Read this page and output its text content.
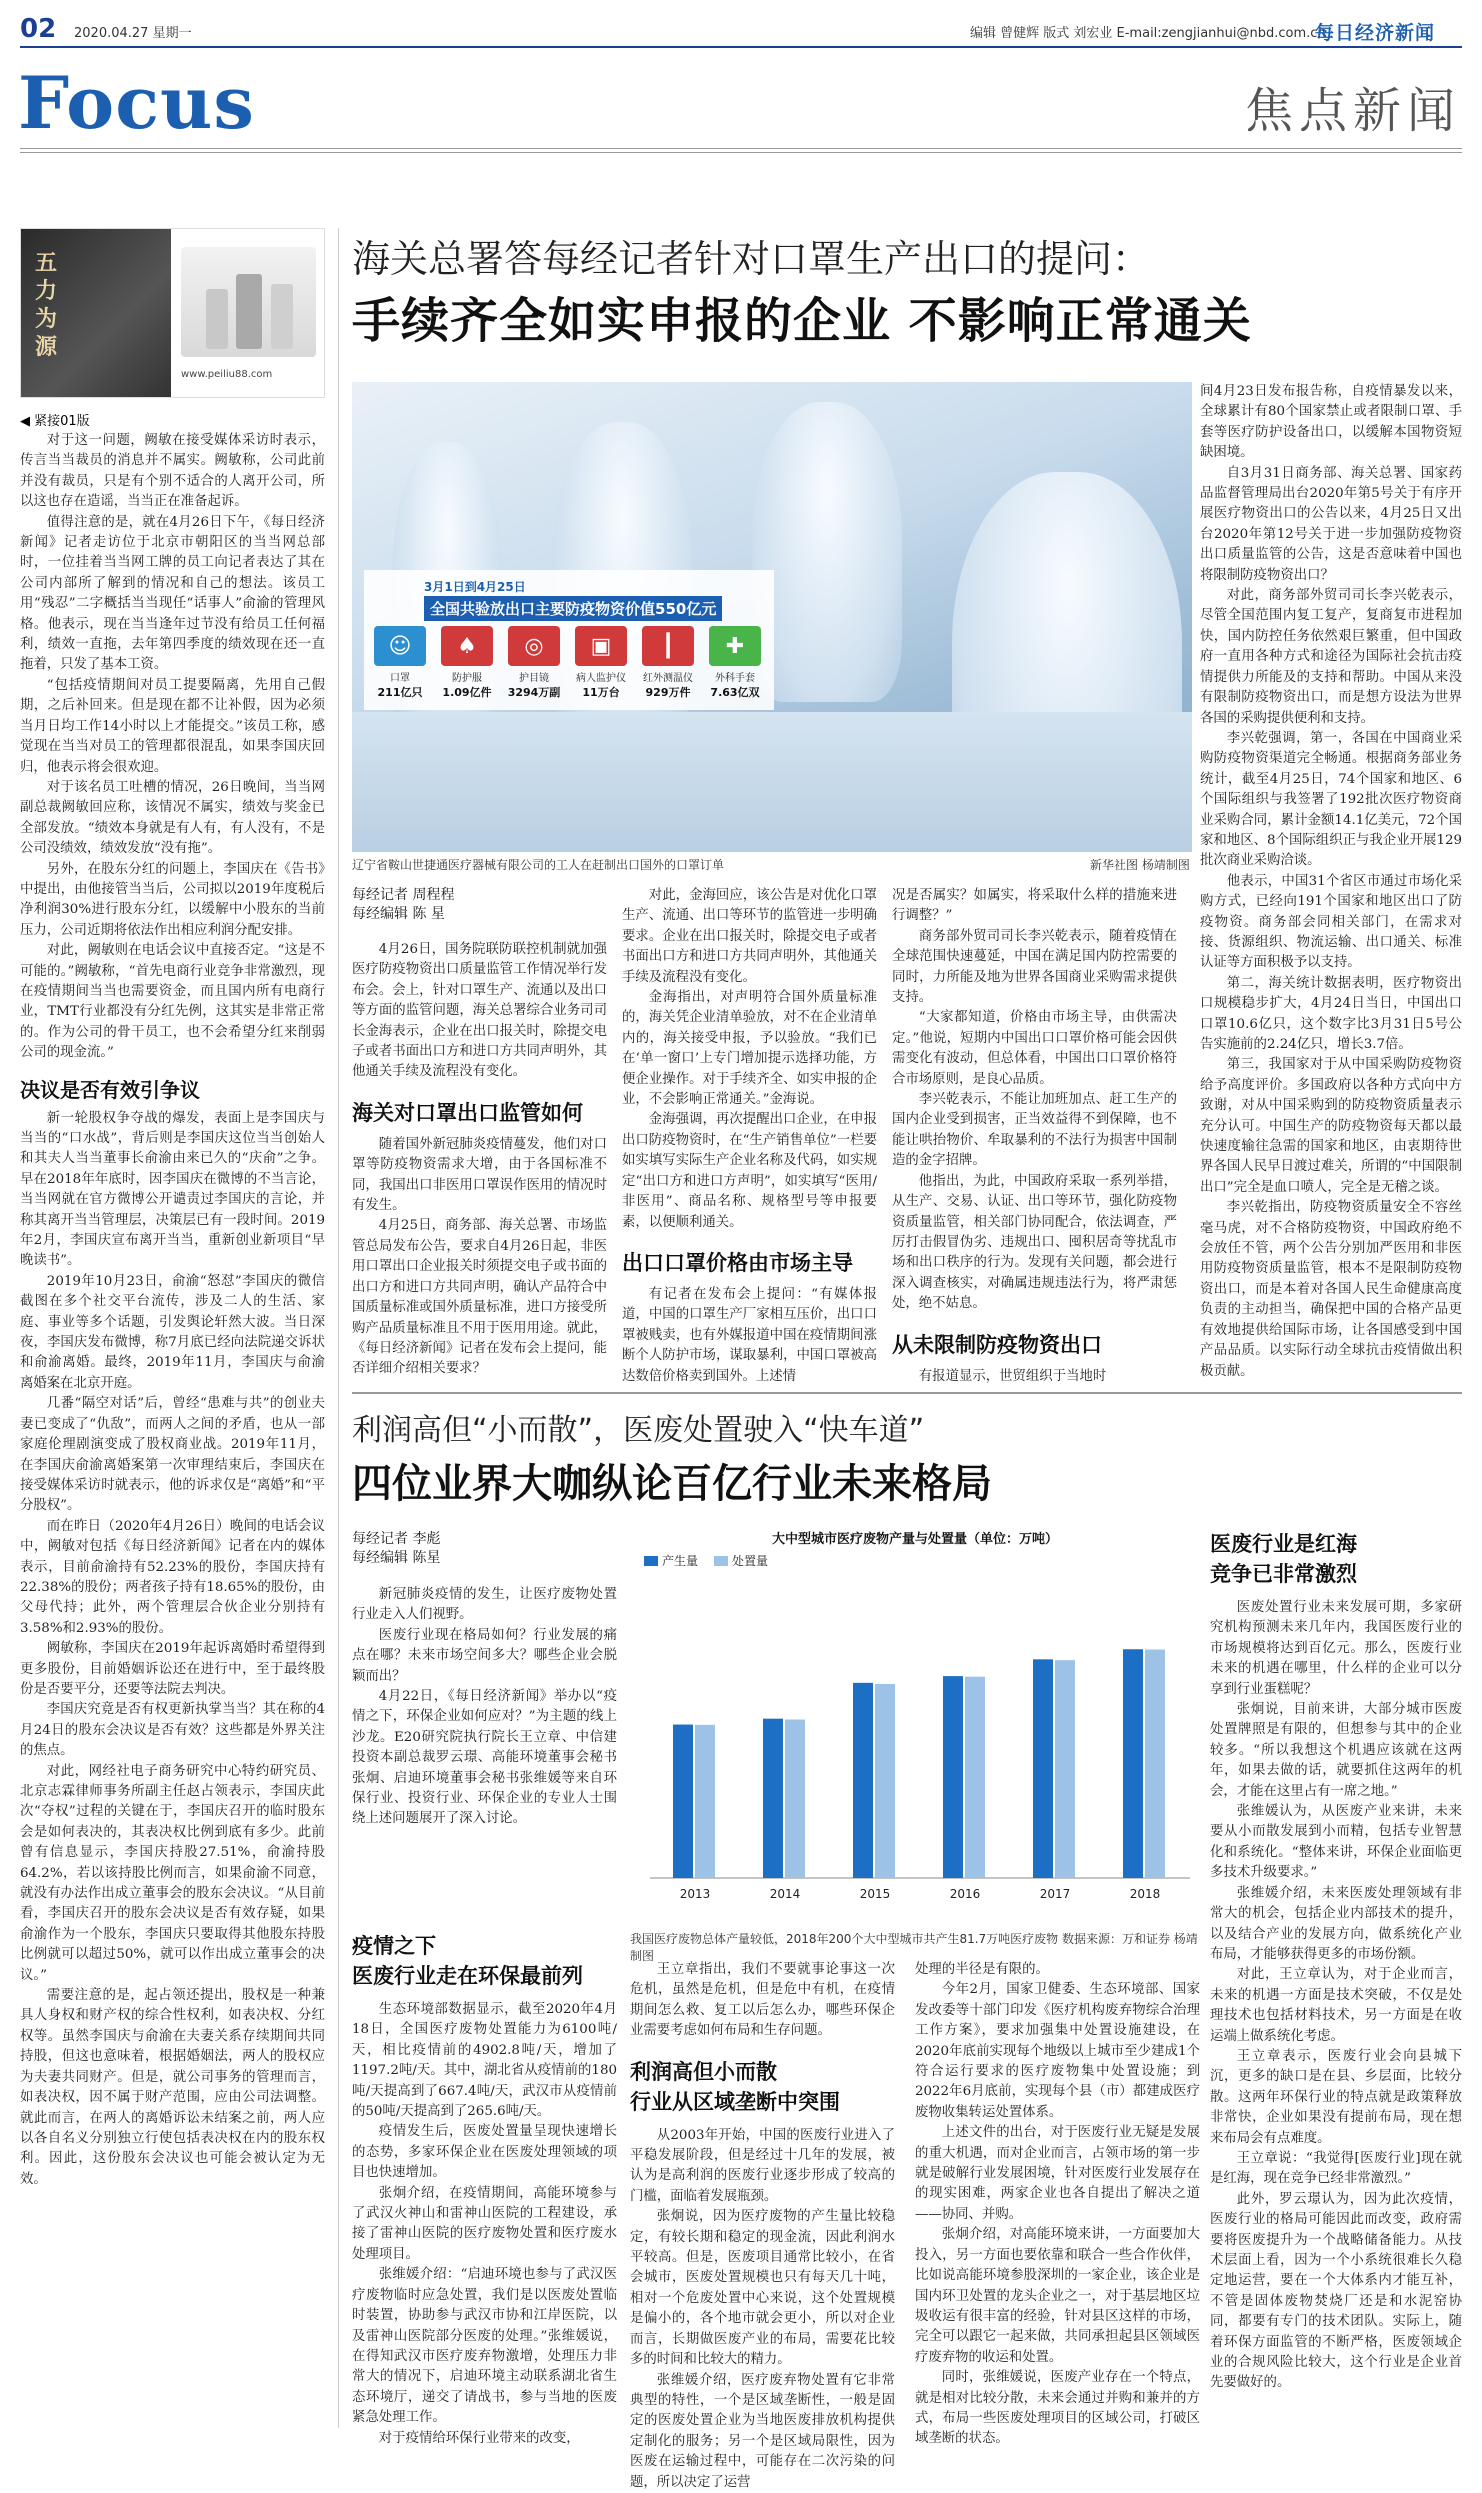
02 2020.04.27 星期一	编辑 曾健辉 版式 刘宏业 E-mail:zengjianhui@nbd.com.cn
每日经济新闻
Focus	焦点新闻
五力为源
www.peiliu88.com
◀ 紧接01版

对于这一问题，阙敏在接受媒体采访时表示，传言当当裁员的消息并不属实。阙敏称，公司此前并没有裁员，只是有个别不适合的人离开公司，所以这也存在造谣，当当正在准备起诉。

值得注意的是，就在4月26日下午，《每日经济新闻》记者走访位于北京市朝阳区的当当网总部时，一位挂着当当网工牌的员工向记者表达了其在公司内部所了解到的情况和自己的想法。该员工用“残忍”二字概括当当现任“话事人”俞渝的管理风格。他表示，现在当当逢年过节没有给员工任何福利，绩效一直拖，去年第四季度的绩效现在还一直拖着，只发了基本工资。

“包括疫情期间对员工提要隔离，先用自己假期，之后补回来。但是现在都不让补假，因为必须当月日均工作14小时以上才能提交。”该员工称，感觉现在当当对员工的管理都很混乱，如果李国庆回归，他表示将会很欢迎。

对于该名员工吐槽的情况，26日晚间，当当网副总裁阙敏回应称，该情况不属实，绩效与奖金已全部发放。“绩效本身就是有人有，有人没有，不是公司没绩效，绩效发放“没有拖”。

另外，在股东分红的问题上，李国庆在《告书》中提出，由他接管当当后，公司拟以2019年度税后净利润30%进行股东分红，以缓解中小股东的当前压力，公司近期将依法作出相应利润分配安排。

对此，阙敏则在电话会议中直接否定。“这是不可能的。”阙敏称，“首先电商行业竞争非常激烈，现在疫情期间当当也需要资金，而且国内所有电商行业，TMT行业都没有分红先例，这其实是非常正常的。作为公司的骨干员工，也不会希望分红来削弱公司的现金流。”

决议是否有效引争议

新一轮股权争夺战的爆发，表面上是李国庆与当当的“口水战”，背后则是李国庆这位当当创始人和其夫人当当董事长俞渝由来已久的“庆俞”之争。早在2018年年底时，因李国庆在微博的不当言论，当当网就在官方微博公开谴责过李国庆的言论，并称其离开当当管理层，决策层已有一段时间。2019年2月，李国庆宣布离开当当，重新创业新项目“早晚读书”。

2019年10月23日，俞渝“怒怼”李国庆的微信截图在多个社交平台流传，涉及二人的生活、家庭、事业等多个话题，引发舆论轩然大波。当日深夜，李国庆发布微博，称7月底已经向法院递交诉状和俞渝离婚。最终，2019年11月，李国庆与俞渝离婚案在北京开庭。

几番“隔空对话”后，曾经“患难与共”的创业夫妻已变成了“仇敌”，而两人之间的矛盾，也从一部家庭伦理剧演变成了股权商业战。2019年11月，在李国庆俞渝离婚案第一次审理结束后，李国庆在接受媒体采访时就表示，他的诉求仅是“离婚”和“平分股权”。

而在昨日（2020年4月26日）晚间的电话会议中，阙敏对包括《每日经济新闻》记者在内的媒体表示，目前俞渝持有52.23%的股份，李国庆持有22.38%的股份；两者孩子持有18.65%的股份，由父母代持；此外，两个管理层合伙企业分别持有3.58%和2.93%的股份。

阙敏称，李国庆在2019年起诉离婚时希望得到更多股份，目前婚姻诉讼还在进行中，至于最终股份是否要平分，还要等法院去判决。

李国庆究竟是否有权更新执掌当当？其在称的4月24日的股东会决议是否有效？这些都是外界关注的焦点。

对此，网经社电子商务研究中心特约研究员、北京志霖律师事务所副主任赵占领表示，李国庆此次“夺权”过程的关键在于，李国庆召开的临时股东会是如何表决的，其表决权比例到底有多少。此前曾有信息显示，李国庆持股27.51%，俞渝持股64.2%，若以该持股比例而言，如果俞渝不同意，就没有办法作出成立董事会的股东会决议。“从目前看，李国庆召开的股东会决议是否有效存疑，如果俞渝作为一个股东，李国庆只要取得其他股东持股比例就可以超过50%，就可以作出成立董事会的决议。”

需要注意的是，起占领还提出，股权是一种兼具人身权和财产权的综合性权利，如表决权、分红权等。虽然李国庆与俞渝在夫妻关系存续期间共同持股，但这也意味着，根据婚姻法，两人的股权应为夫妻共同财产。但是，就公司事务的管理而言，如表决权，因不属于财产范围，应由公司法调整。就此而言，在两人的离婚诉讼未结案之前，两人应以各自名义分别独立行使包括表决权在内的股东权利。因此，这份股东会决议也可能会被认定为无效。

海关总署答每经记者针对口罩生产出口的提问：
手续齐全如实申报的企业 不影响正常通关
3月1日到4月25日
全国共验放出口主要防疫物资价值550亿元
☺
口罩
211亿只
♠
防护服
1.09亿件
◎
护目镜
3294万副
▣
病人监护仪
11万台
┃
红外测温仪
929万件
✚
外科手套
7.63亿双
辽宁省鞍山世捷通医疗器械有限公司的工人在赶制出口国外的口罩订单	新华社图 杨靖制图
每经记者 周程程
每经编辑 陈 星

4月26日，国务院联防联控机制就加强医疗防疫物资出口质量监管工作情况举行发布会。会上，针对口罩生产、流通以及出口等方面的监管问题，海关总署综合业务司司长金海表示，企业在出口报关时，除提交电子或者书面出口方和进口方共同声明外，其他通关手续及流程没有变化。

海关对口罩出口监管如何

随着国外新冠肺炎疫情蔓发，他们对口罩等防疫物资需求大增，由于各国标准不同，我国出口非医用口罩误作医用的情况时有发生。

4月25日，商务部、海关总署、市场监管总局发布公告，要求自4月26日起，非医用口罩出口企业报关时须提交电子或书面的出口方和进口方共同声明，确认产品符合中国质量标准或国外质量标准，进口方接受所购产品质量标准且不用于医用用途。就此，《每日经济新闻》记者在发布会上提问，能否详细介绍相关要求？

对此，金海回应，该公告是对优化口罩生产、流通、出口等环节的监管进一步明确要求。企业在出口报关时，除提交电子或者书面出口方和进口方共同声明外，其他通关手续及流程没有变化。

金海指出，对声明符合国外质量标准的，海关凭企业清单验放，对不在企业清单内的，海关接受申报，予以验放。“我们已在‘单一窗口’上专门增加提示选择功能，方便企业操作。对于手续齐全、如实申报的企业，不会影响正常通关。”金海说。

金海强调，再次提醒出口企业，在申报出口防疫物资时，在“生产销售单位”一栏要如实填写实际生产企业名称及代码，如实规定“出口方和进口方声明”，如实填写“医用/非医用”、商品名称、规格型号等申报要素，以便顺利通关。

出口口罩价格由市场主导

有记者在发布会上提问：“有媒体报道，中国的口罩生产厂家相互压价，出口口罩被贱卖，也有外媒报道中国在疫情期间涨断个人防护市场，谋取暴利，中国口罩被高达数倍价格卖到国外。上述情

况是否属实？如属实，将采取什么样的措施来进行调整？”

商务部外贸司司长李兴乾表示，随着疫情在全球范围快速蔓延，中国在满足国内防控需要的同时，力所能及地为世界各国商业采购需求提供支持。

“大家都知道，价格由市场主导，由供需决定。”他说，短期内中国出口口罩价格可能会因供需变化有波动，但总体看，中国出口口罩价格符合市场原则，是良心品质。

李兴乾表示，不能让加班加点、赶工生产的国内企业受到损害，正当效益得不到保障，也不能让哄抬物价、牟取暴利的不法行为损害中国制造的金字招牌。

他指出，为此，中国政府采取一系列举措，从生产、交易、认证、出口等环节，强化防疫物资质量监管，相关部门协同配合，依法调查，严厉打击假冒伪劣、违规出口、囤积居奇等扰乱市场和出口秩序的行为。发现有关问题，都会进行深入调查核实，对确属违规违法行为，将严肃惩处，绝不姑息。

从未限制防疫物资出口

有报道显示，世贸组织于当地时

间4月23日发布报告称，自疫情暴发以来，全球累计有80个国家禁止或者限制口罩、手套等医疗防护设备出口，以缓解本国物资短缺困境。

自3月31日商务部、海关总署、国家药品监督管理局出台2020年第5号关于有序开展医疗物资出口的公告以来，4月25日又出台2020年第12号关于进一步加强防疫物资出口质量监管的公告，这是否意味着中国也将限制防疫物资出口？

对此，商务部外贸司司长李兴乾表示，尽管全国范围内复工复产，复商复市进程加快，国内防控任务依然艰巨繁重，但中国政府一直用各种方式和途径为国际社会抗击疫情提供力所能及的支持和帮助。中国从来没有限制防疫物资出口，而是想方设法为世界各国的采购提供便利和支持。

李兴乾强调，第一，各国在中国商业采购防疫物资渠道完全畅通。根据商务部业务统计，截至4月25日，74个国家和地区、6个国际组织与我签署了192批次医疗物资商业采购合同，累计金额14.1亿美元，72个国家和地区、8个国际组织正与我企业开展129批次商业采购洽谈。

他表示，中国31个省区市通过市场化采购方式，已经向191个国家和地区出口了防疫物资。商务部会同相关部门，在需求对接、货源组织、物流运输、出口通关、标准认证等方面积极予以支持。

第二，海关统计数据表明，医疗物资出口规模稳步扩大，4月24日当日，中国出口口罩10.6亿只，这个数字比3月31日5号公告实施前的2.24亿只，增长3.7倍。

第三，我国家对于从中国采购防疫物资给予高度评价。多国政府以各种方式向中方致谢，对从中国采购到的防疫物资质量表示充分认可。中国生产的防疫物资每天都以最快速度输往急需的国家和地区，由衷期待世界各国人民早日渡过难关，所谓的“中国限制出口”完全是血口喷人，完全是无稽之谈。

李兴乾指出，防疫物资质量安全不容丝毫马虎，对不合格防疫物资，中国政府绝不会放任不管，两个公告分别加严医用和非医用防疫物资质量监管，根本不是限制防疫物资出口，而是本着对各国人民生命健康高度负责的主动担当，确保把中国的合格产品更有效地提供给国际市场，让各国感受到中国产品品质。以实际行动全球抗击疫情做出积极贡献。

利润高但“小而散”，医废处置驶入“快车道”
四位业界大咖纵论百亿行业未来格局
每经记者 李彪
每经编辑 陈星
大中型城市医疗废物产量与处置量（单位：万吨）
产生量	处置量
2013	2014	2015	2016	2017	2018
我国医疗废物总体产量较低，2018年200个大中型城市共产生81.7万吨医疗废物 数据来源：万和证券 杨靖制图

新冠肺炎疫情的发生，让医疗废物处置行业走入人们视野。

医废行业现在格局如何？行业发展的痛点在哪？未来市场空间多大？哪些企业会脱颖而出？

4月22日，《每日经济新闻》举办以“疫情之下，环保企业如何应对？”为主题的线上沙龙。E20研究院执行院长王立章、中信建投资本副总裁罗云璟、高能环境董事会秘书张炯、启迪环境董事会秘书张维媛等来自环保行业、投资行业、环保企业的专业人士围绕上述问题展开了深入讨论。

疫情之下
医废行业走在环保最前列

生态环境部数据显示，截至2020年4月18日，全国医疗废物处置能力为6100吨/天，相比疫情前的4902.8吨/天，增加了1197.2吨/天。其中，湖北省从疫情前的180吨/天提高到了667.4吨/天，武汉市从疫情前的50吨/天提高到了265.6吨/天。

疫情发生后，医废处置量呈现快速增长的态势，多家环保企业在医废处理领域的项目也快速增加。

张炯介绍，在疫情期间，高能环境参与了武汉火神山和雷神山医院的工程建设，承接了雷神山医院的医疗废物处置和医疗废水处理项目。

张维媛介绍：“启迪环境也参与了武汉医疗废物临时应急处置，我们是以医废处置临时装置，协助参与武汉市协和江岸医院，以及雷神山医院部分医废的处理。”张维媛说，在得知武汉市医疗废弃物激增，处理压力非常大的情况下，启迪环境主动联系湖北省生态环境厅，递交了请战书，参与当地的医废紧急处理工作。

对于疫情给环保行业带来的改变，

王立章指出，我们不要就事论事这一次危机，虽然是危机，但是危中有机，在疫情期间怎么救、复工以后怎么办，哪些环保企业需要考虑如何布局和生存问题。

利润高但小而散
行业从区域垄断中突围

从2003年开始，中国的医废行业进入了平稳发展阶段，但是经过十几年的发展，被认为是高利润的医废行业逐步形成了较高的门槛，面临着发展瓶颈。

张炯说，因为医疗废物的产生量比较稳定，有较长期和稳定的现金流，因此利润水平较高。但是，医废项目通常比较小，在省会城市，医废处置规模也只有每天几十吨，相对一个危废处置中心来说，这个处置规模是偏小的，各个地市就会更小，所以对企业而言，长期做医废产业的布局，需要花比较多的时间和比较大的精力。

张维媛介绍，医疗废弃物处置有它非常典型的特性，一个是区域垄断性，一般是固定的医废处置企业为当地医废排放机构提供定制化的服务；另一个是区域局限性，因为医废在运输过程中，可能存在二次污染的问题，所以决定了运营

处理的半径是有限的。

今年2月，国家卫健委、生态环境部、国家发改委等十部门印发《医疗机构废弃物综合治理工作方案》，要求加强集中处置设施建设，在2020年底前实现每个地级以上城市至少建成1个符合运行要求的医疗废物集中处置设施；到2022年6月底前，实现每个县（市）都建成医疗废物收集转运处置体系。

上述文件的出台，对于医废行业无疑是发展的重大机遇，而对企业而言，占领市场的第一步就是破解行业发展困境，针对医废行业发展存在的现实困难，两家企业也各自提出了解决之道——协同、并购。

张炯介绍，对高能环境来讲，一方面要加大投入，另一方面也要依靠和联合一些合作伙伴，比如说高能环境参股深圳的一家企业，该企业是国内环卫处置的龙头企业之一，对于基层地区垃圾收运有很丰富的经验，针对县区这样的市场，完全可以跟它一起来做，共同承担起县区领域医疗废弃物的收运和处置。

同时，张维媛说，医废产业存在一个特点，就是相对比较分散，未来会通过并购和兼并的方式，布局一些医废处理项目的区域公司，打破区域垄断的状态。

医废行业是红海
竞争已非常激烈

医废处置行业未来发展可期，多家研究机构预测未来几年内，我国医废行业的市场规模将达到百亿元。那么，医废行业未来的机遇在哪里，什么样的企业可以分享到行业蛋糕呢？

张炯说，目前来讲，大部分城市医废处置牌照是有限的，但想参与其中的企业较多。“所以我想这个机遇应该就在这两年，如果去做的话，就要抓住这两年的机会，才能在这里占有一席之地。”

张维媛认为，从医废产业来讲，未来要从小而散发展到小而精，包括专业智慧化和系统化。“整体来讲，环保企业面临更多技术升级要求。”

张维媛介绍，未来医废处理领域有非常大的机会，包括企业内部技术的提升，以及结合产业的发展方向，做系统化产业布局，才能够获得更多的市场份额。

对此，王立章认为，对于企业而言，未来的机遇一方面是技术突破，不仅是处理技术也包括材料技术，另一方面是在收运端上做系统化考虑。

王立章表示，医废行业会向县城下沉，更多的缺口是在县、乡层面，比较分散。这两年环保行业的特点就是政策释放非常快，企业如果没有提前布局，现在想来布局会有点难度。

王立章说：“我觉得[医废行业]现在就是红海，现在竞争已经非常激烈。”

此外，罗云璟认为，因为此次疫情，医废行业的格局可能因此而改变，政府需要将医废提升为一个战略储备能力。从技术层面上看，因为一个小系统很难长久稳定地运营，要在一个大体系内才能互补，不管是固体废物焚烧厂还是和水泥窑协同，都要有专门的技术团队。实际上，随着环保方面监管的不断严格，医废领域企业的合规风险比较大，这个行业是企业首先要做好的。
